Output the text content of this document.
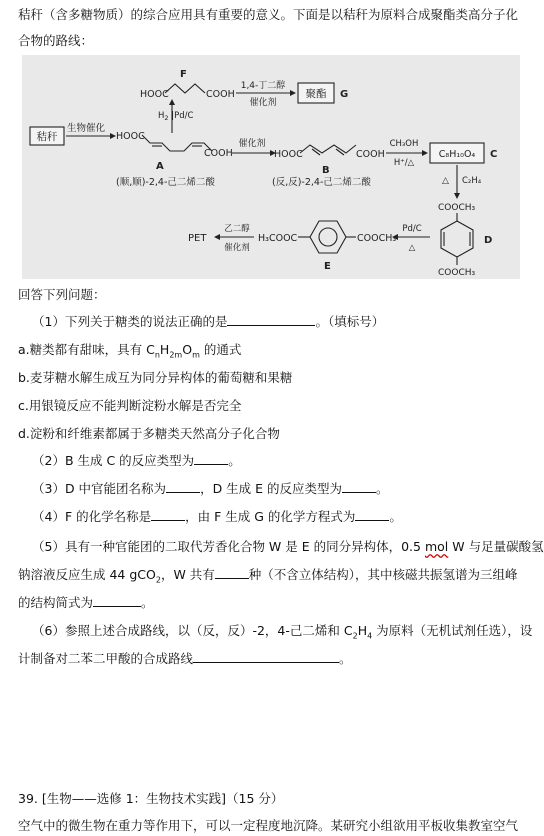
秸秆（含多糖物质）的综合应用具有重要的意义。下面是以秸秆为原料合成聚酯类高分子化
合物的路线：
秸秆
生物催化
HOOC	COOH
F
1,4-丁二醇
催化剂
聚酯 G
$H_2$ |Pd/C
HOOC
COOH
A
(顺,顺)-2,4-己二烯二酸
催化剂
HOOC	COOH
B
(反,反)-2,4-己二烯二酸
CH₃OH
H⁺/△
C₈H₁₀O₄ C
△ C₂H₄
COOCH₃
COOCH₃
D
Pd/C
△
H₃COOC	COOCH₃
E
乙二醇
催化剂
PET
回答下列问题：
（1）下列关于糖类的说法正确的是	。（填标号）
a.糖类都有甜味，具有 $C_nH_{2m}O_m$ 的通式
b.麦芽糖水解生成互为同分异构体的葡萄糖和果糖
c.用银镜反应不能判断淀粉水解是否完全
d.淀粉和纤维素都属于多糖类天然高分子化合物
（2）B 生成 C 的反应类型为	。
（3）D 中官能团名称为	，D 生成 E 的反应类型为	。
（4）F 的化学名称是	，由 F 生成 G 的化学方程式为	。
（5）具有一种官能团的二取代芳香化合物 W 是 E 的同分异构体，0.5 mol W 与足量碳酸氢
钠溶液反应生成 44 gCO$_2$，W 共有	种（不含立体结构），其中核磁共振氢谱为三组峰
的结构简式为	。
（6）参照上述合成路线，以（反，反）-2，4-己二烯和 $C_2H_4$ 为原料（无机试剂任选），设
计制备对二苯二甲酸的合成路线	。
39. [生物——选修 1：生物技术实践]（15 分）
空气中的微生物在重力等作用下，可以一定程度地沉降。某研究小组欲用平板收集教室空气
